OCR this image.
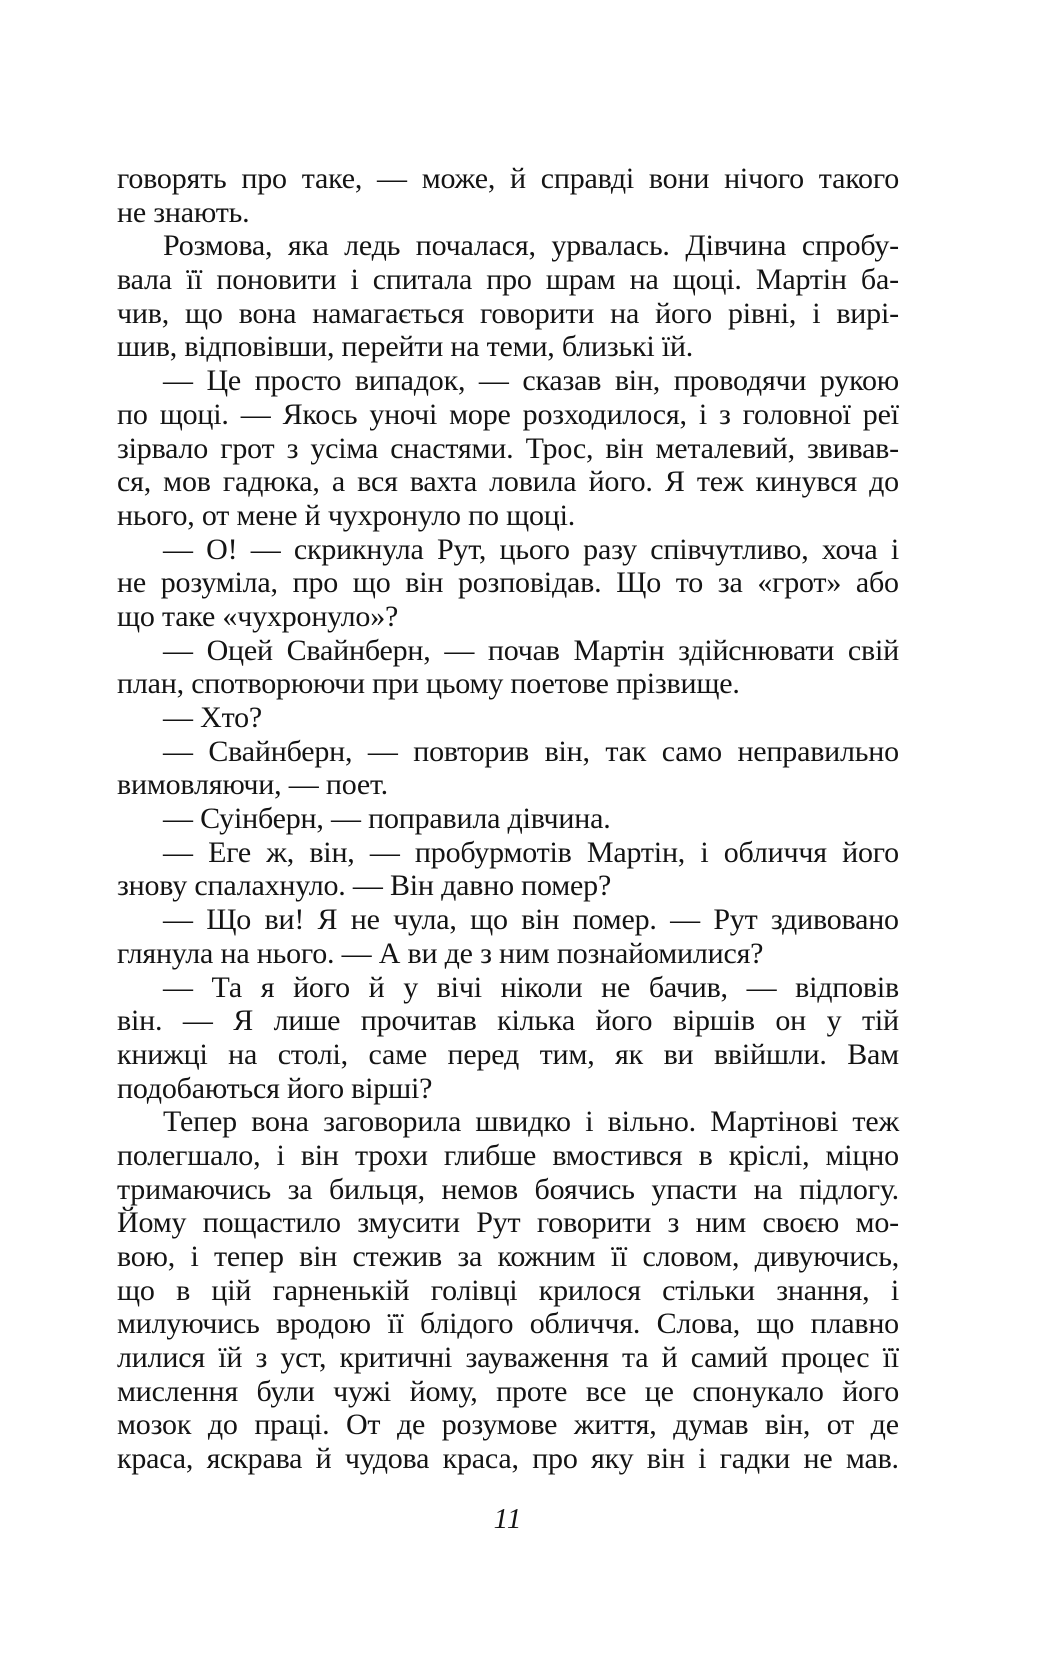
говорять про таке, — може, й справді вони нічого такого
не знають.
Розмова, яка ледь почалася, урвалась. Дівчина спробу-
вала її поновити і спитала про шрам на щоці. Мартін ба-
чив, що вона намагається говорити на його рівні, і вирі-
шив, відповівши, перейти на теми, близькі їй.
— Це просто випадок, — сказав він, проводячи рукою
по щоці. — Якось уночі море розходилося, і з головної реї
зірвало грот з усіма снастями. Трос, він металевий, звивав-
ся, мов гадюка, а вся вахта ловила його. Я теж кинувся до
нього, от мене й чухронуло по щоці.
— О! — скрикнула Рут, цього разу співчутливо, хоча і
не розуміла, про що він розповідав. Що то за «грот» або
що таке «чухронуло»?
— Оцей Свайнберн, — почав Мартін здійснювати свій
план, спотворюючи при цьому поетове прізвище.
— Хто?
— Свайнберн, — повторив він, так само неправильно
вимовляючи, — поет.
— Суінберн, — поправила дівчина.
— Еге ж, він, — пробурмотів Мартін, і обличчя його
знову спалахнуло. — Він давно помер?
— Що ви! Я не чула, що він помер. — Рут здивовано
глянула на нього. — А ви де з ним познайомилися?
— Та я його й у вічі ніколи не бачив, — відповів
він. — Я лише прочитав кілька його віршів он у тій
книжці на столі, саме перед тим, як ви ввійшли. Вам
подобаються його вірші?
Тепер вона заговорила швидко і вільно. Мартінові теж
полегшало, і він трохи глибше вмостився в кріслі, міцно
тримаючись за бильця, немов боячись упасти на підлогу.
Йому пощастило змусити Рут говорити з ним своєю мо-
вою, і тепер він стежив за кожним її словом, дивуючись,
що в цій гарненькій голівці крилося стільки знання, і
милуючись вродою її блідого обличчя. Слова, що плавно
лилися їй з уст, критичні зауваження та й самий процес її
мислення були чужі йому, проте все це спонукало його
мозок до праці. От де розумове життя, думав він, от де
краса, яскрава й чудова краса, про яку він і гадки не мав.
11
